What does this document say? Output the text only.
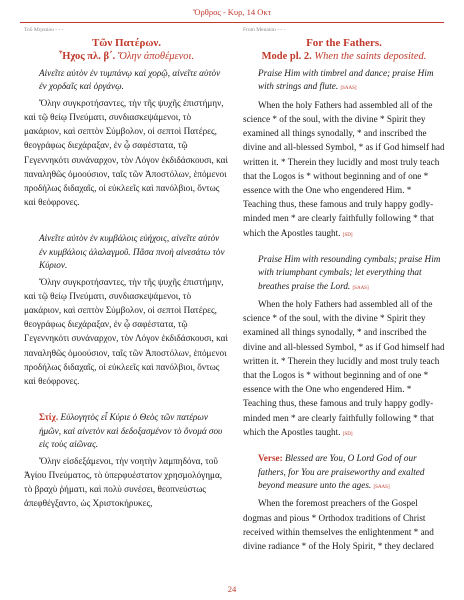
Ὄρθρος - Κυρ, 14 Οκτ
Τοῦ Μηναίου - - -
Τῶν Πατέρων.
Ἦχος πλ. β΄. Ὅλην ἀποθέμενοι.

Αἰνεῖτε αὐτὸν ἐν τυμπάνῳ καὶ χορῷ, αἰνεῖτε αὐτὸν ἐν χορδαῖς καὶ ὀργάνῳ.

Ὅλην συγκροτήσαντες, τὴν τῆς ψυχῆς ἐπιστήμην, καὶ τῷ θείῳ Πνεύματι, συνδιασκεψάμενοι, τὸ μακάριον, καὶ σεπτὸν Σύμβολον, οἱ σεπτοὶ Πατέρες, θεογράφως διεχάραξαν, ἐν ᾧ σαφέστατα, τῷ Γεγεννηκότι συνάναρχον, τὸν Λόγον ἐκδιδάσκουσι, καὶ παναληθῶς ὁμοούσιον, ταῖς τῶν Ἀποστόλων, ἑπόμενοι προδήλως διδαχαῖς, οἱ εὐκλεεῖς καὶ πανόλβιοι, ὄντως καὶ θεόφρονες.

Αἰνεῖτε αὐτὸν ἐν κυμβάλοις εὐήχοις, αἰνεῖτε αὐτὸν ἐν κυμβάλοις ἀλαλαγμοῦ. Πᾶσα πνοὴ αἰνεσάτω τὸν Κύριον.

Ὅλην συγκροτήσαντες, τὴν τῆς ψυχῆς ἐπιστήμην, καὶ τῷ θείῳ Πνεύματι, συνδιασκεψάμενοι, τὸ μακάριον, καὶ σεπτὸν Σύμβολον, οἱ σεπτοὶ Πατέρες, θεογράφως διεχάραξαν, ἐν ᾧ σαφέστατα, τῷ Γεγεννηκότι συνάναρχον, τὸν Λόγον ἐκδιδάσκουσι, καὶ παναληθῶς ὁμοούσιον, ταῖς τῶν Ἀποστόλων, ἑπόμενοι προδήλως διδαχαῖς, οἱ εὐκλεεῖς καὶ πανόλβιοι, ὄντως καὶ θεόφρονες.

Στίχ. Εὐλογητὸς εἶ Κύριε ὁ Θεὸς τῶν πατέρων ἡμῶν, καὶ αἰνετὸν καὶ δεδοξασμένον τὸ ὄνομά σου εἰς τοὺς αἰῶνας.

Ὅλην εἰσδεξάμενοι, τὴν νοητὴν λαμπηδόνα, τοῦ Ἁγίου Πνεύματος, τὸ ὑπερφυέστατον χρησμολόγημα, τὸ βραχὺ ῥήματι, καὶ πολὺ συνέσει, θεοπνεύστως ἀπεφθέγξαντο, ὡς Χριστοκήρυκες,

From Menaion - - -
For the Fathers.
Mode pl. 2. When the saints deposited.

Praise Him with timbrel and dance; praise Him with strings and flute. [SAAS]

When the holy Fathers had assembled all of the science * of the soul, with the divine * Spirit they examined all things synodally, * and inscribed the divine and all-blessed Symbol, * as if God himself had written it. * Therein they lucidly and most truly teach that the Logos is * without beginning and of one * essence with the One who engendered Him. * Teaching thus, these famous and truly happy godly-minded men * are clearly faithfully following * that which the Apostles taught. [SD]

Praise Him with resounding cymbals; praise Him with triumphant cymbals; let everything that breathes praise the Lord. [SAAS]

When the holy Fathers had assembled all of the science * of the soul, with the divine * Spirit they examined all things synodally, * and inscribed the divine and all-blessed Symbol, * as if God himself had written it. * Therein they lucidly and most truly teach that the Logos is * without beginning and of one * essence with the One who engendered Him. * Teaching thus, these famous and truly happy godly-minded men * are clearly faithfully following * that which the Apostles taught. [SD]

Verse: Blessed are You, O Lord God of our fathers, for You are praiseworthy and exalted beyond measure unto the ages. [SAAS]

When the foremost preachers of the Gospel dogmas and pious * Orthodox traditions of Christ received within themselves the enlightenment * and divine radiance * of the Holy Spirit, * they declared

24
